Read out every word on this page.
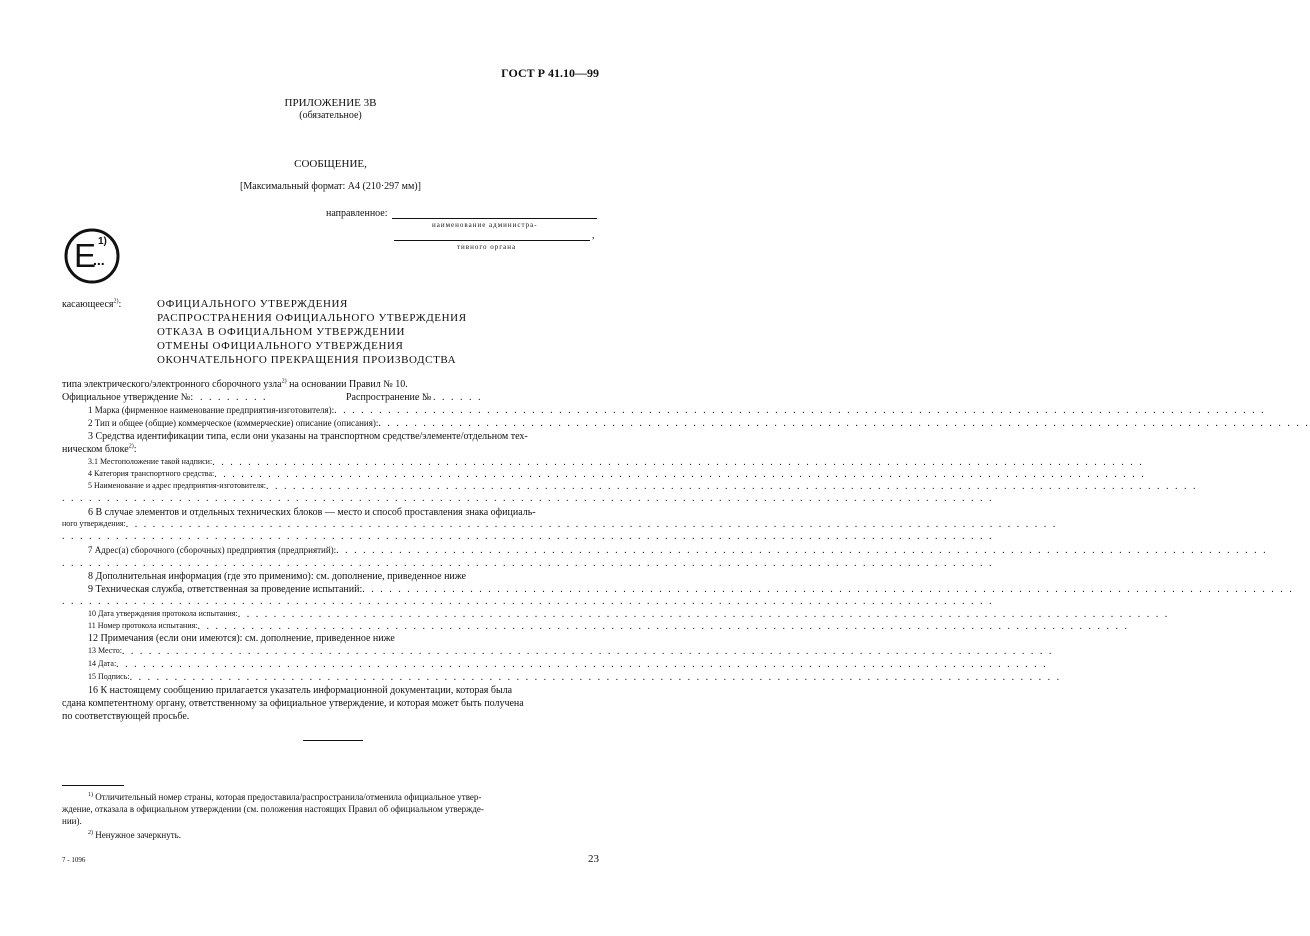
ГОСТ Р 41.10—99
ПРИЛОЖЕНИЕ 3В
(обязательное)
СООБЩЕНИЕ,
[Максимальный формат: А4 (210·297 мм)]
направленное:
наименование администра-
,
тивного органа
E
...
1)
касающееся$^{2)}$:	ОФИЦИАЛЬНОГО УТВЕРЖДЕНИЯ
РАСПРОСТРАНЕНИЯ ОФИЦИАЛЬНОГО УТВЕРЖДЕНИЯ
ОТКАЗА В ОФИЦИАЛЬНОМ УТВЕРЖДЕНИИ
ОТМЕНЫ ОФИЦИАЛЬНОГО УТВЕРЖДЕНИЯ
ОКОНЧАТЕЛЬНОГО ПРЕКРАЩЕНИЯ ПРОИЗВОДСТВА
типа электрического/электронного сборочного узла$^{2)}$ на основании Правил № 10.
Официальное утверждение №: . . . . . . . .	Распространение №
. . . . . . . .
1 Марка (фирменное наименование предприятия-изготовителя): . . . . . . . . . . . . . . . . . . . . . . . . . . . . . . . . . . . . . . . . . . . . . . . . . . . . . . . . . . . . . . . . . . . . . . . . . . . . . . . . . . . . . . . . . . . . . . . . . . . . . . . .
2 Тип и общее (общие) коммерческое (коммерческие) описание (описания): . . . . . . . . . . . . . . . . . . . . . . . . . . . . . . . . . . . . . . . . . . . . . . . . . . . . . . . . . . . . . . . . . . . . . . . . . . . . . . . . . . . . . . . . . . . . . . . . . . . . . . . .
3 Средства идентификации типа, если они указаны на транспортном средстве/элементе/отдельном тех-
ническом блоке$^{2)}$:
3.1 Местоположение такой надписи: . . . . . . . . . . . . . . . . . . . . . . . . . . . . . . . . . . . . . . . . . . . . . . . . . . . . . . . . . . . . . . . . . . . . . . . . . . . . . . . . . . . . . . . . . . . . . . . . . . . . . . . .
4 Категория транспортного средства: . . . . . . . . . . . . . . . . . . . . . . . . . . . . . . . . . . . . . . . . . . . . . . . . . . . . . . . . . . . . . . . . . . . . . . . . . . . . . . . . . . . . . . . . . . . . . . . . . . . . . . . .
5 Наименование и адрес предприятия-изготовителя: . . . . . . . . . . . . . . . . . . . . . . . . . . . . . . . . . . . . . . . . . . . . . . . . . . . . . . . . . . . . . . . . . . . . . . . . . . . . . . . . . . . . . . . . . . . . . . . . . . . . . . . .
. . . . . . . . . . . . . . . . . . . . . . . . . . . . . . . . . . . . . . . . . . . . . . . . . . . . . . . . . . . . . . . . . . . . . . . . . . . . . . . . . . . . . . . . . . . . . . . . . . . . . . . .
6 В случае элементов и отдельных технических блоков — место и способ проставления знака официаль-
ного утверждения: . . . . . . . . . . . . . . . . . . . . . . . . . . . . . . . . . . . . . . . . . . . . . . . . . . . . . . . . . . . . . . . . . . . . . . . . . . . . . . . . . . . . . . . . . . . . . . . . . . . . . . . .
. . . . . . . . . . . . . . . . . . . . . . . . . . . . . . . . . . . . . . . . . . . . . . . . . . . . . . . . . . . . . . . . . . . . . . . . . . . . . . . . . . . . . . . . . . . . . . . . . . . . . . . .
7 Адрес(а) сборочного (сборочных) предприятия (предприятий): . . . . . . . . . . . . . . . . . . . . . . . . . . . . . . . . . . . . . . . . . . . . . . . . . . . . . . . . . . . . . . . . . . . . . . . . . . . . . . . . . . . . . . . . . . . . . . . . . . . . . . . .
. . . . . . . . . . . . . . . . . . . . . . . . . . . . . . . . . . . . . . . . . . . . . . . . . . . . . . . . . . . . . . . . . . . . . . . . . . . . . . . . . . . . . . . . . . . . . . . . . . . . . . . .
8 Дополнительная информация (где это применимо): см. дополнение, приведенное ниже
9 Техническая служба, ответственная за проведение испытаний: . . . . . . . . . . . . . . . . . . . . . . . . . . . . . . . . . . . . . . . . . . . . . . . . . . . . . . . . . . . . . . . . . . . . . . . . . . . . . . . . . . . . . . . . . . . . . . . . . . . . . . . .
. . . . . . . . . . . . . . . . . . . . . . . . . . . . . . . . . . . . . . . . . . . . . . . . . . . . . . . . . . . . . . . . . . . . . . . . . . . . . . . . . . . . . . . . . . . . . . . . . . . . . . . .
10 Дата утверждения протокола испытания: . . . . . . . . . . . . . . . . . . . . . . . . . . . . . . . . . . . . . . . . . . . . . . . . . . . . . . . . . . . . . . . . . . . . . . . . . . . . . . . . . . . . . . . . . . . . . . . . . . . . . . . .
11 Номер протокола испытания: . . . . . . . . . . . . . . . . . . . . . . . . . . . . . . . . . . . . . . . . . . . . . . . . . . . . . . . . . . . . . . . . . . . . . . . . . . . . . . . . . . . . . . . . . . . . . . . . . . . . . . . .
12 Примечания (если они имеются): см. дополнение, приведенное ниже
13 Место: . . . . . . . . . . . . . . . . . . . . . . . . . . . . . . . . . . . . . . . . . . . . . . . . . . . . . . . . . . . . . . . . . . . . . . . . . . . . . . . . . . . . . . . . . . . . . . . . . . . . . . . .
14 Дата: . . . . . . . . . . . . . . . . . . . . . . . . . . . . . . . . . . . . . . . . . . . . . . . . . . . . . . . . . . . . . . . . . . . . . . . . . . . . . . . . . . . . . . . . . . . . . . . . . . . . . . . .
15 Подпись: . . . . . . . . . . . . . . . . . . . . . . . . . . . . . . . . . . . . . . . . . . . . . . . . . . . . . . . . . . . . . . . . . . . . . . . . . . . . . . . . . . . . . . . . . . . . . . . . . . . . . . . .
16 К настоящему сообщению прилагается указатель информационной документации, которая была
сдана компетентному органу, ответственному за официальное утверждение, и которая может быть получена
по соответствующей просьбе.
$^{1)}$ Отличительный номер страны, которая предоставила/распространила/отменила официальное утвер-
ждение, отказала в официальном утверждении (см. положения настоящих Правил об официальном утвержде-
нии).
$^{2)}$ Ненужное зачеркнуть.
7 - 1096	23
